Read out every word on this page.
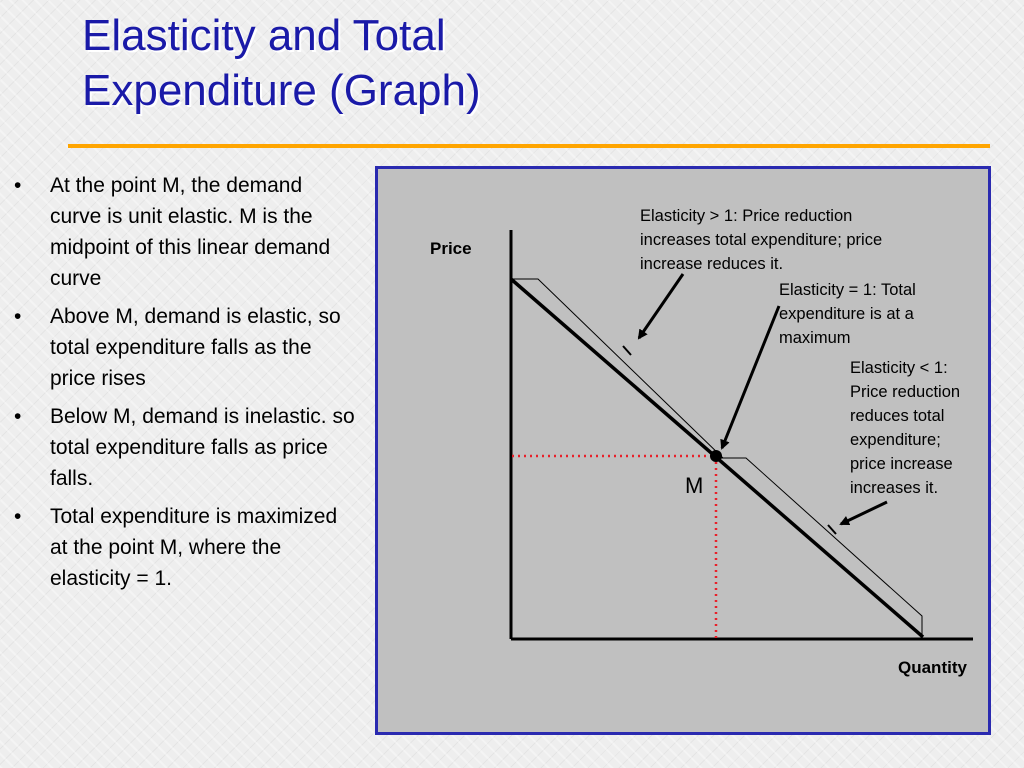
Elasticity and Total
Expenditure (Graph)
• At the point M, the demand curve is unit elastic. M is the midpoint of this linear demand curve
• Above M, demand is elastic, so total expenditure falls as the price rises
• Below M, demand is inelastic. so total expenditure falls as price falls.
• Total expenditure is maximized at the point M, where the elasticity = 1.
M
Price
Quantity
Elasticity > 1: Price reduction increases total expenditure; price increase reduces it.
Elasticity = 1: Total expenditure is at a maximum
Elasticity < 1: Price reduction reduces total expenditure; price increase increases it.
